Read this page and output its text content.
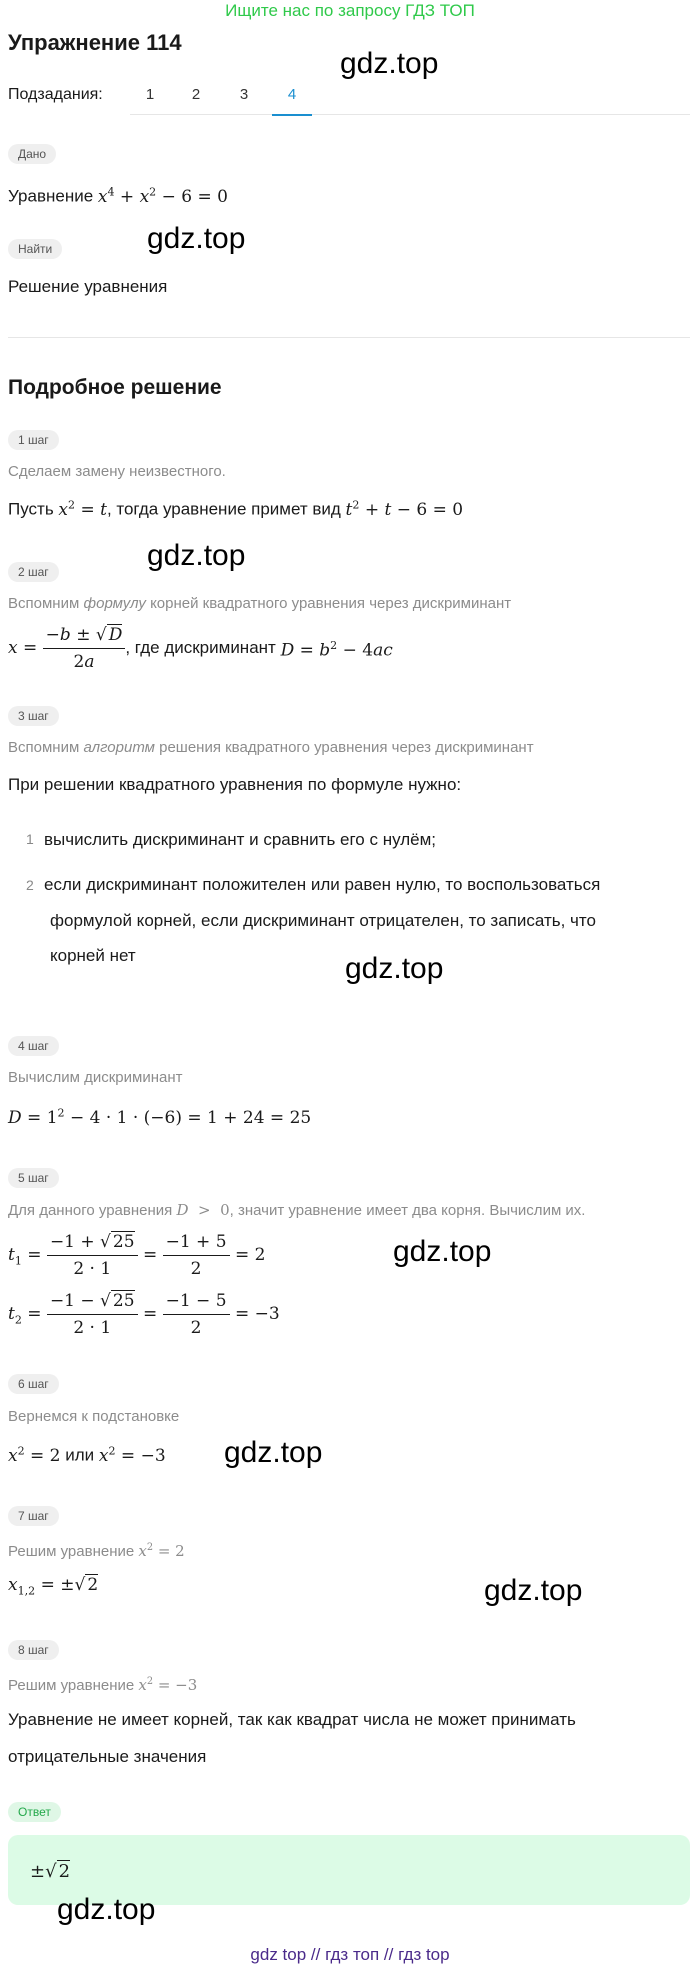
Ищите нас по запросу ГДЗ ТОП
Упражнение 114
gdz.top
Подзадания:	1	2	3	4
Дано
Уравнение $x^4 + x^2 - 6 = 0$
Найти	gdz.top
Решение уравнения
Подробное решение
1 шаг
Сделаем замену неизвестного.
Пусть $x^2 = t$, тогда уравнение примет вид $t^2 + t - 6 = 0$
2 шаг	gdz.top
Вспомним формулу корней квадратного уравнения через дискриминант
$x = \frac{-b \pm √ D}{2a}$ , где дискриминант
$D = b^2 - 4ac$
3 шаг
Вспомним алгоритм решения квадратного уравнения через дискриминант
При решении квадратного уравнения по формуле нужно:
1 вычислить дискриминант и сравнить его с нулём;
2 если дискриминант положителен или равен нулю, то воспользоваться
формулой корней, если дискриминант отрицателен, то записать, что
корней нет	gdz.top
4 шаг
Вычислим дискриминант
$D = 1^2 - 4 \cdot 1 \cdot (-6) = 1 + 24 = 25$
5 шаг
Для данного уравнения D  > 0, значит уравнение имеет два корня. Вычислим их.
$t_1 = \frac{-1 + √ 25}{2 \cdot 1} = \frac{-1 + 5}{2} = 2$	gdz.top
$t_2 = \frac{-1 - √ 25}{2 \cdot 1} = \frac{-1 - 5}{2} = -3$
6 шаг
Вернемся к подстановке
$x^2 = 2$ или $x^2 = -3$ gdz.top
7 шаг
Решим уравнение $x^2 = 2$
$x_{1,2}$ = ±√ 2	gdz.top
8 шаг
Решим уравнение $x^2 = -3$
Уравнение не имеет корней, так как квадрат числа не может принимать
отрицательные значения
Ответ
±√ 2
gdz.top
gdz top // гдз топ // гдз top
